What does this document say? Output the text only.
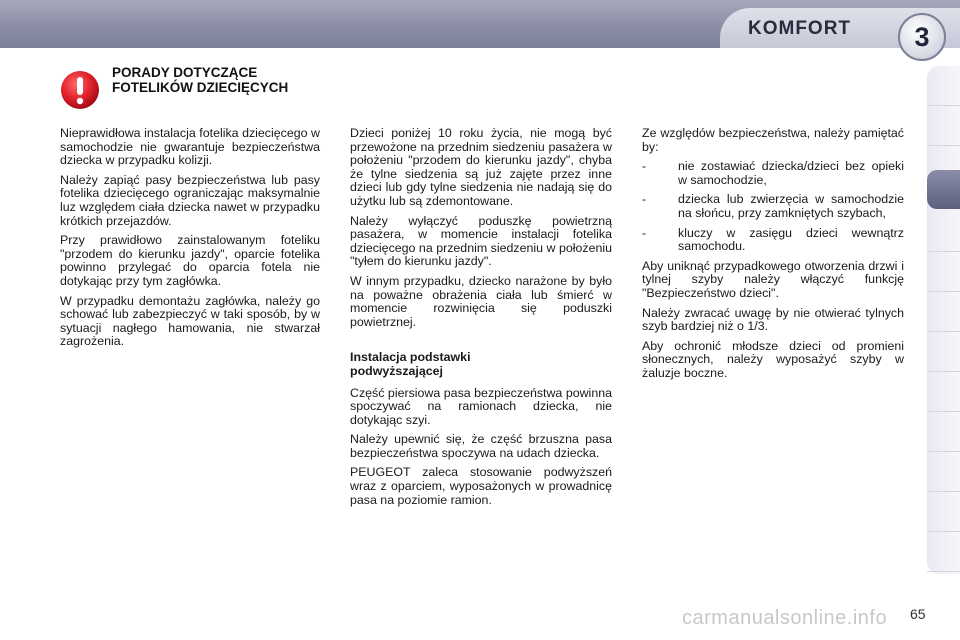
KOMFORT	3
PORADY DOTYCZĄCE
FOTELIKÓW DZIECIĘCYCH

Nieprawidłowa instalacja fotelika dziecięcego w samochodzie nie gwarantuje bezpieczeństwa dziecka w przypadku kolizji.

Należy zapiąć pasy bezpieczeństwa lub pasy fotelika dziecięcego ograniczając maksymalnie luz względem ciała dziecka nawet w przypadku krótkich przejazdów.

Przy prawidłowo zainstalowanym foteliku "przodem do kierunku jazdy", oparcie fotelika powinno przylegać do oparcia fotela nie dotykając przy tym zagłówka.

W przypadku demontażu zagłówka, należy go schować lub zabezpieczyć w taki sposób, by w sytuacji nagłego hamowania, nie stwarzał zagrożenia.

Dzieci poniżej 10 roku życia, nie mogą być przewożone na przednim siedzeniu pasażera w położeniu "przodem do kierunku jazdy", chyba że tylne siedzenia są już zajęte przez inne dzieci lub gdy tylne siedzenia nie nadają się do użytku lub są zdemontowane.

Należy wyłączyć poduszkę powietrzną pasażera, w momencie instalacji fotelika dziecięcego na przednim siedzeniu w położeniu "tyłem do kierunku jazdy".

W innym przypadku, dziecko narażone by było na poważne obrażenia ciała lub śmierć w momencie rozwinięcia się poduszki powietrznej.

Instalacja podstawki
podwyższającej

Część piersiowa pasa bezpieczeństwa powinna spoczywać na ramionach dziecka, nie dotykając szyi.

Należy upewnić się, że część brzuszna pasa bezpieczeństwa spoczywa na udach dziecka.

PEUGEOT zaleca stosowanie podwyższeń wraz z oparciem, wyposażonych w prowadnicę pasa na poziomie ramion.

Ze względów bezpieczeństwa, należy pamiętać by:

-	nie zostawiać dziecka/dzieci bez opieki w samochodzie,
-	dziecka lub zwierzęcia w samochodzie na słońcu, przy zamkniętych szybach,
-	kluczy w zasięgu dzieci wewnątrz samochodu.

Aby uniknąć przypadkowego otworzenia drzwi i tylnej szyby należy włączyć funkcję "Bezpieczeństwo dzieci".

Należy zwracać uwagę by nie otwierać tylnych szyb bardziej niż o 1/3.

Aby ochronić młodsze dzieci od promieni słonecznych, należy wyposażyć szyby w żaluzje boczne.

carmanualsonline.info 65
